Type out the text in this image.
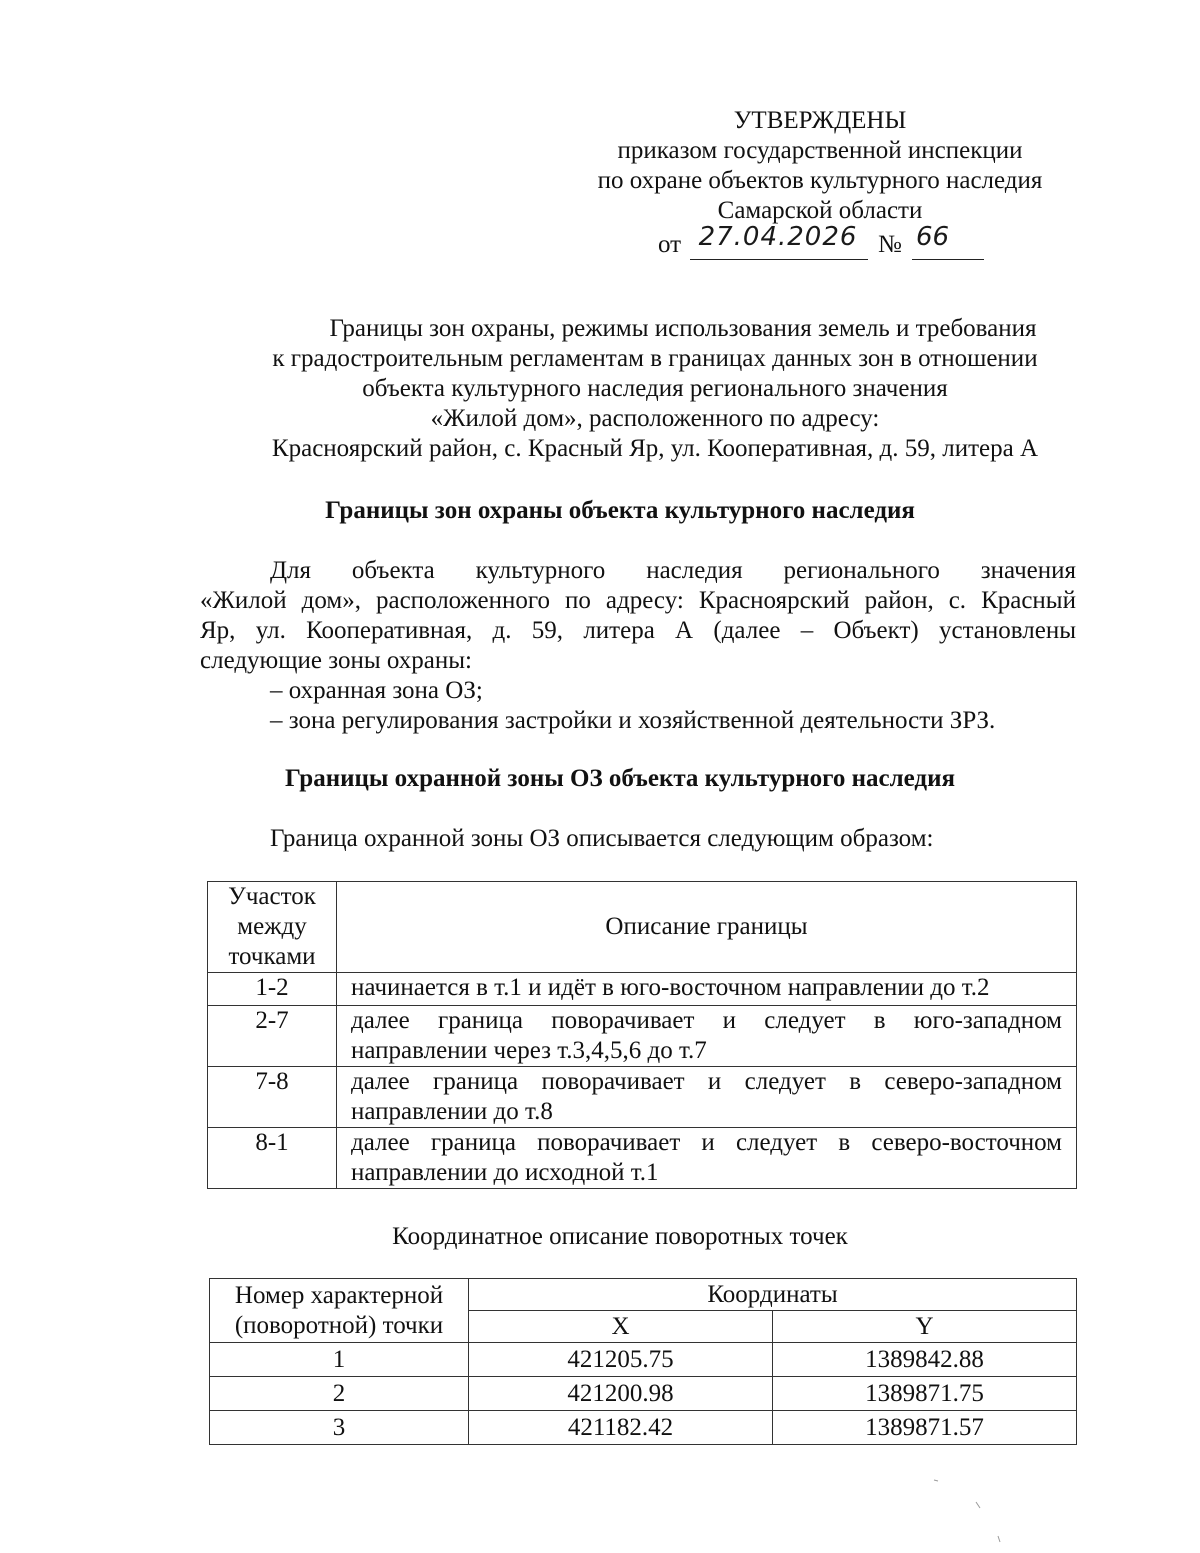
УТВЕРЖДЕНЫ
приказом государственной инспекции
по охране объектов культурного наследия
Самарской области
от 27.04.2026 № 66
Границы зон охраны, режимы использования земель и требования
к градостроительным регламентам в границах данных зон в отношении
объекта культурного наследия регионального значения
«Жилой дом», расположенного по адресу:
Красноярский район, с. Красный Яр, ул. Кооперативная, д. 59, литера А
Границы зон охраны объекта культурного наследия
Для объекта культурного наследия регионального значения
«Жилой дом», расположенного по адресу: Красноярский район, с. Красный
Яр, ул. Кооперативная, д. 59, литера А (далее – Объект) установлены
следующие зоны охраны:
– охранная зона ОЗ;
– зона регулирования застройки и хозяйственной деятельности ЗРЗ.
Границы охранной зоны ОЗ объекта культурного наследия
Граница охранной зоны ОЗ описывается следующим образом:
Участок
между
точками	Описание границы
1-2	начинается в т.1 и идёт в юго-восточном направлении до т.2

2-7	далее граница поворачивает и следует в юго-западном направлении через т.3,4,5,6 до т.7

7-8	далее граница поворачивает и следует в северо-западном направлении до т.8

8-1	далее граница поворачивает и следует в северо-восточном направлении до исходной т.1
Координатное описание поворотных точек
Номер характерной
(поворотной) точки	Координаты	
	X	Y
1	421205.75	1389842.88
2	421200.98	1389871.75
3	421182.42	1389871.57
